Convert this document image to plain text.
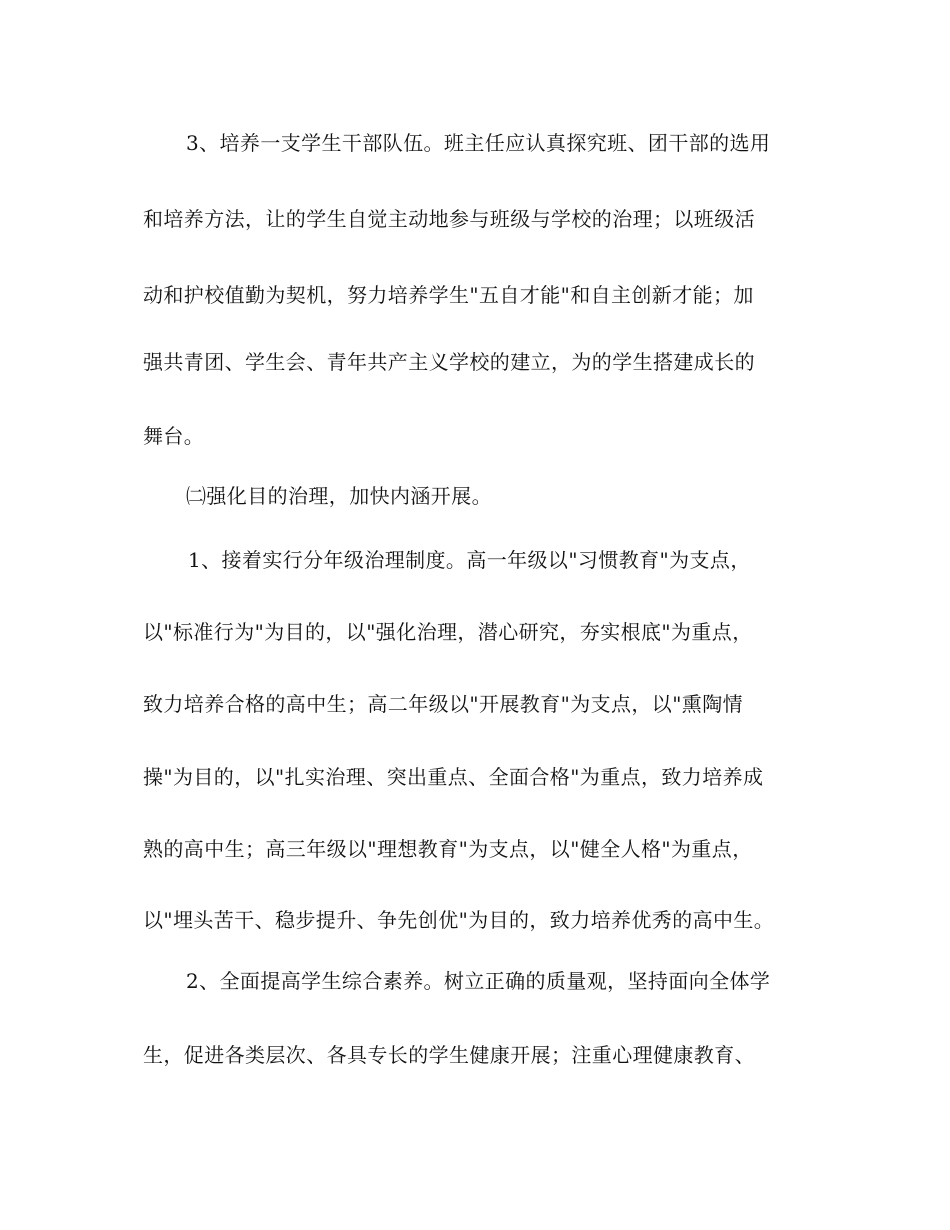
3、培养一支学生干部队伍。班主任应认真探究班、团干部的选用
和培养方法，让的学生自觉主动地参与班级与学校的治理；以班级活
动和护校值勤为契机，努力培养学生"五自才能"和自主创新才能；加
强共青团、学生会、青年共产主义学校的建立，为的学生搭建成长的
舞台。
㈡强化目的治理，加快内涵开展。
1、接着实行分年级治理制度。高一年级以"习惯教育"为支点，
以"标准行为"为目的，以"强化治理，潜心研究，夯实根底"为重点，
致力培养合格的高中生；高二年级以"开展教育"为支点，以"熏陶情
操"为目的，以"扎实治理、突出重点、全面合格"为重点，致力培养成
熟的高中生；高三年级以"理想教育"为支点，以"健全人格"为重点，
以"埋头苦干、稳步提升、争先创优"为目的，致力培养优秀的高中生。
2、全面提高学生综合素养。树立正确的质量观，坚持面向全体学
生，促进各类层次、各具专长的学生健康开展；注重心理健康教育、
